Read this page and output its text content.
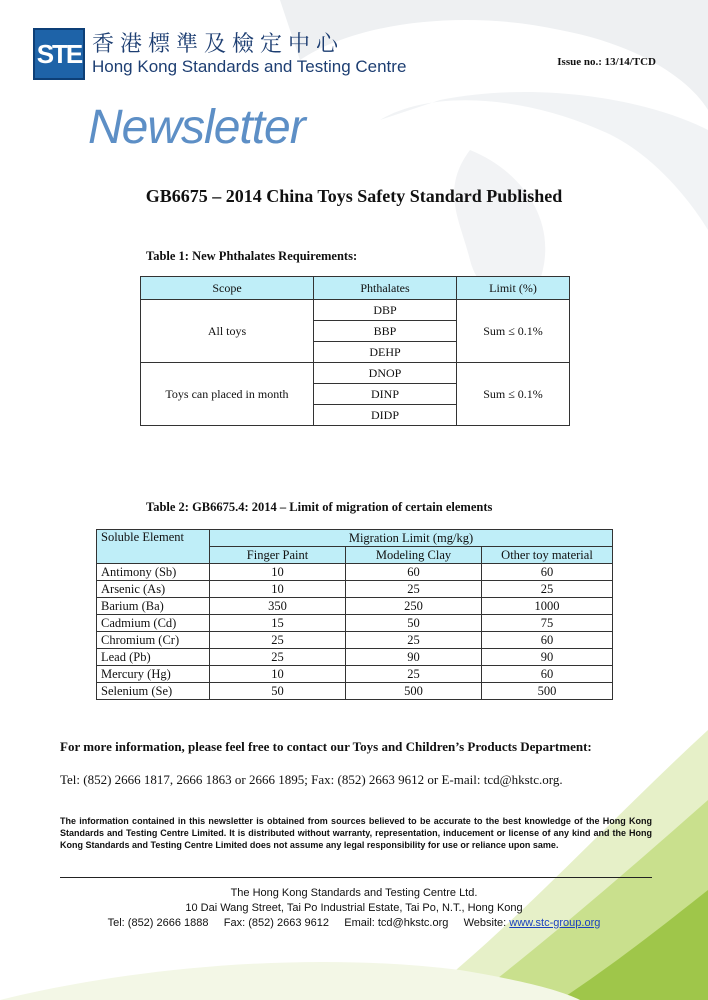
STE 香港標準及檢定中心
Hong Kong Standards and Testing Centre	Issue no.: 13/14/TCD
Newsletter
GB6675 – 2014 China Toys Safety Standard Published
Table 1: New Phthalates Requirements:
Scope	Phthalates	Limit (%)
All toys	DBP	Sum ≤ 0.1%
	BBP	
	DEHP	
Toys can placed in month	DNOP	Sum ≤ 0.1%
	DINP	
	DIDP	
Table 2: GB6675.4: 2014 – Limit of migration of certain elements
Soluble Element	Migration Limit (mg/kg)		
	Finger Paint	Modeling Clay	Other toy material
Antimony (Sb)	10	60	60
Arsenic (As)	10	25	25
Barium (Ba)	350	250	1000
Cadmium (Cd)	15	50	75
Chromium (Cr)	25	25	60
Lead (Pb)	25	90	90
Mercury (Hg)	10	25	60
Selenium (Se)	50	500	500
For more information, please feel free to contact our Toys and Children’s Products Department:
Tel: (852) 2666 1817, 2666 1863 or 2666 1895; Fax: (852) 2663 9612 or E-mail: tcd@hkstc.org.
The information contained in this newsletter is obtained from sources believed to be accurate to the best knowledge of the Hong Kong Standards and Testing Centre Limited. It is distributed without warranty, representation, inducement or license of any kind and the Hong Kong Standards and Testing Centre Limited does not assume any legal responsibility for use or reliance upon same.
The Hong Kong Standards and Testing Centre Ltd.
10 Dai Wang Street, Tai Po Industrial Estate, Tai Po, N.T., Hong Kong
Tel: (852) 2666 1888     Fax: (852) 2663 9612     Email: tcd@hkstc.org     Website: www.stc-group.org
